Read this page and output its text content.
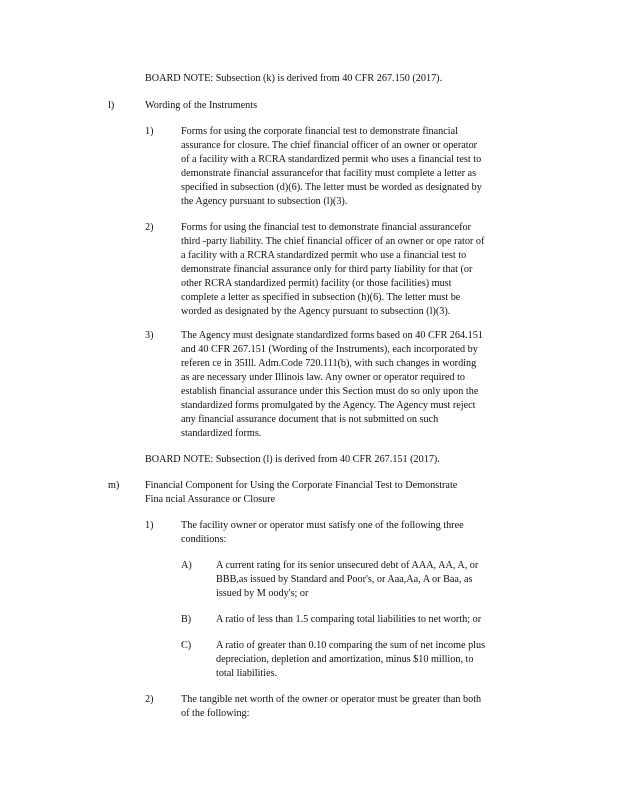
BOARD NOTE: Subsection (k) is derived from 40 CFR 267.150 (2017).
l)	Wording of the Instruments
1)	Forms for using the corporate financial test to demonstrate financial
assurance for closure. The chief financial officer of an owner or operator
of a facility with a RCRA standardized permit who uses a financial test to
demonstrate financial assurancefor that facility must complete a letter as
specified in subsection (d)(6). The letter must be worded as designated by
the Agency pursuant to subsection (l)(3).
2)	Forms for using the financial test to demonstrate financial assurancefor
third -party liability. The chief financial officer of an owner or ope rator of
a facility with a RCRA standardized permit who use a financial test to
demonstrate financial assurance only for third party liability for that (or
other RCRA standardized permit) facility (or those facilities) must
complete a letter as specified in subsection (h)(6). The letter must be
worded as designated by the Agency pursuant to subsection (l)(3).
3)	The Agency must designate standardized forms based on 40 CFR 264.151
and 40 CFR 267.151 (Wording of the Instruments), each incorporated by
referen ce in 35Ill. Adm.Code 720.111(b), with such changes in wording
as are necessary under Illinois law. Any owner or operator required to
establish financial assurance under this Section must do so only upon the
standardized forms promulgated by the Agency. The Agency must reject
any financial assurance document that is not submitted on such
standardized forms.
BOARD NOTE: Subsection (l) is derived from 40 CFR 267.151 (2017).
m)	Financial Component for Using the Corporate Financial Test to Demonstrate
Fina ncial Assurance or Closure
1)	The facility owner or operator must satisfy one of the following three
conditions:
A) A current rating for its senior unsecured debt of AAA, AA, A, or
BBB,as issued by Standard and Poor's, or Aaa,Aa, A or Baa, as
issued by M oody's; or
B) A ratio of less than 1.5 comparing total liabilities to net worth; or
C) A ratio of greater than 0.10 comparing the sum of net income plus
depreciation, depletion and amortization, minus $10 million, to
total liabilities.
2)	The tangible net worth of the owner or operator must be greater than both
of the following:
